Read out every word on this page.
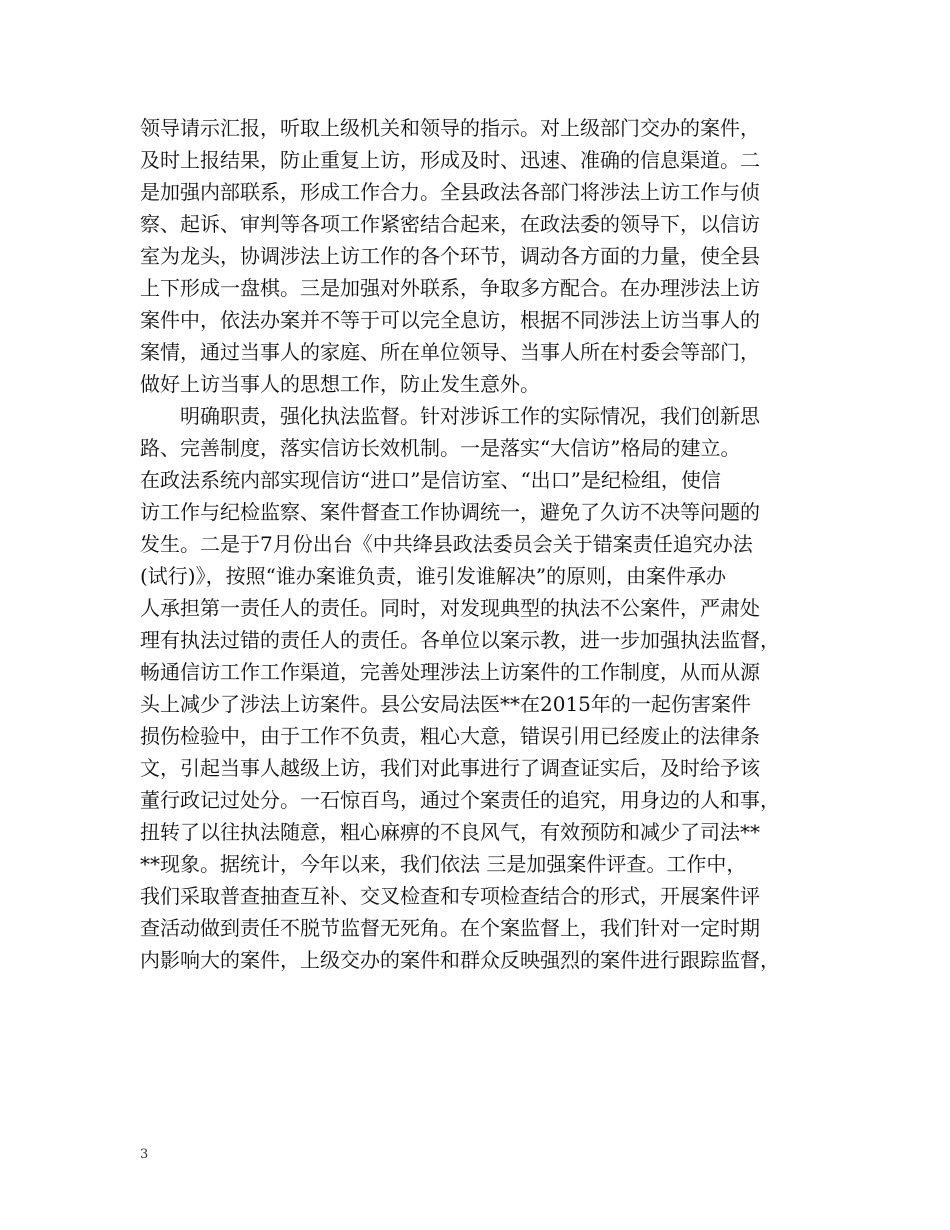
领导请示汇报，听取上级机关和领导的指示。对上级部门交办的案件，
及时上报结果，防止重复上访，形成及时、迅速、准确的信息渠道。二
是加强内部联系，形成工作合力。全县政法各部门将涉法上访工作与侦
察、起诉、审判等各项工作紧密结合起来，在政法委的领导下，以信访
室为龙头，协调涉法上访工作的各个环节，调动各方面的力量，使全县
上下形成一盘棋。三是加强对外联系，争取多方配合。在办理涉法上访
案件中，依法办案并不等于可以完全息访，根据不同涉法上访当事人的
案情，通过当事人的家庭、所在单位领导、当事人所在村委会等部门，
做好上访当事人的思想工作，防止发生意外。
明确职责，强化执法监督。针对涉诉工作的实际情况，我们创新思
路、完善制度，落实信访长效机制。一是落实“大信访”格局的建立。
在政法系统内部实现信访“进口”是信访室、“出口”是纪检组，使信
访工作与纪检监察、案件督查工作协调统一，避免了久访不决等问题的
发生。二是于7月份出台《中共绛县政法委员会关于错案责任追究办法
(试行)》，按照“谁办案谁负责，谁引发谁解决”的原则，由案件承办
人承担第一责任人的责任。同时，对发现典型的执法不公案件，严肃处
理有执法过错的责任人的责任。各单位以案示教，进一步加强执法监督，
畅通信访工作工作渠道，完善处理涉法上访案件的工作制度，从而从源
头上减少了涉法上访案件。县公安局法医**在2015年的一起伤害案件
损伤检验中，由于工作不负责，粗心大意，错误引用已经废止的法律条
文，引起当事人越级上访，我们对此事进行了调查证实后，及时给予该
董行政记过处分。一石惊百鸟，通过个案责任的追究，用身边的人和事，
扭转了以往执法随意，粗心麻痹的不良风气，有效预防和减少了司法**
**现象。据统计，今年以来，我们依法 三是加强案件评查。工作中，
我们采取普查抽查互补、交叉检查和专项检查结合的形式，开展案件评
查活动做到责任不脱节监督无死角。在个案监督上，我们针对一定时期
内影响大的案件，上级交办的案件和群众反映强烈的案件进行跟踪监督，
3
